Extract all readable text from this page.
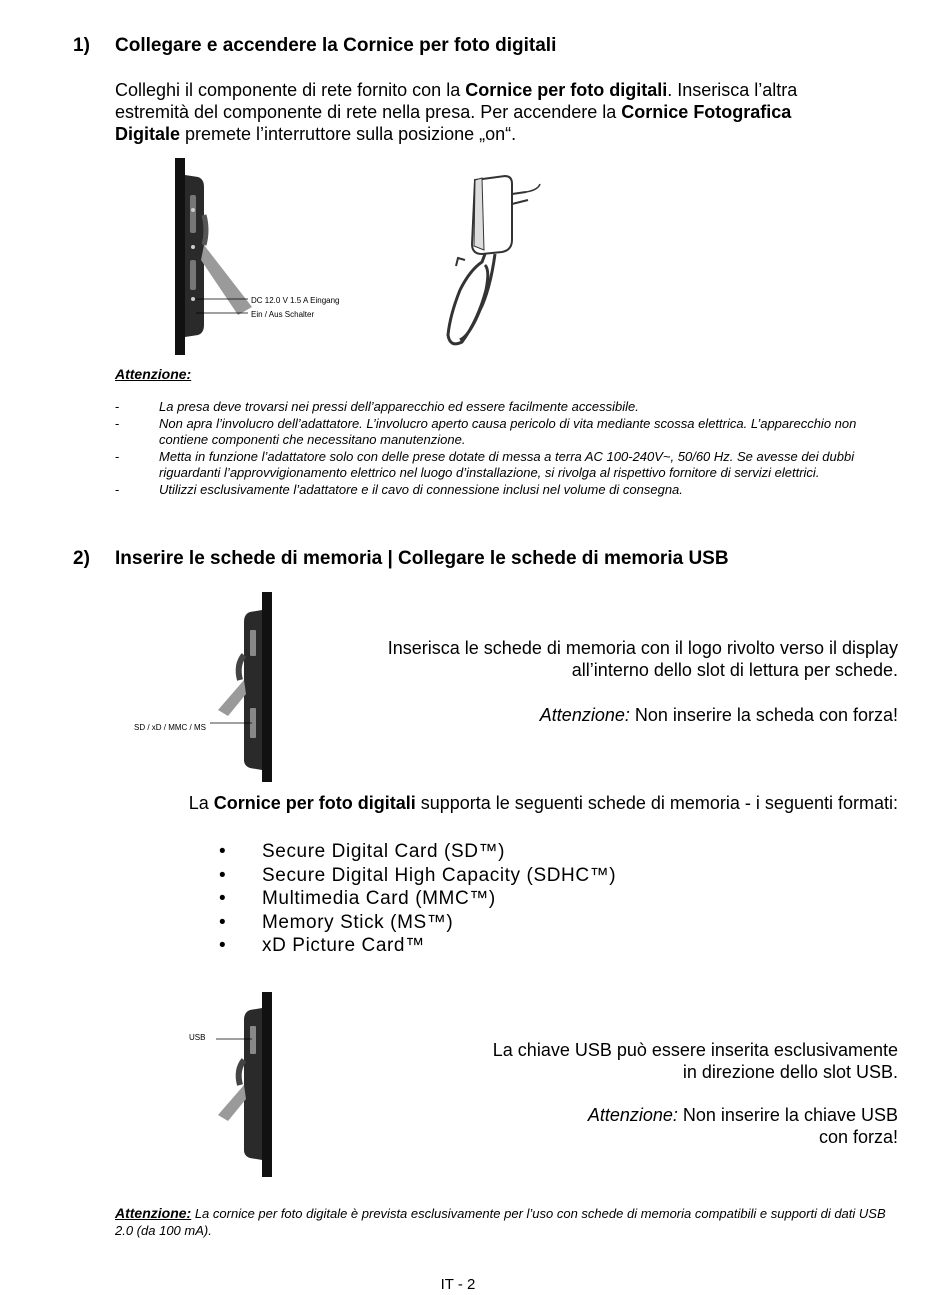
1) Collegare e accendere la Cornice per foto digitali
Colleghi il componente di rete fornito con la Cornice per foto digitali. Inserisca l’altra estremità del componente di rete nella presa. Per accendere la Cornice Fotografica Digitale premete l’interruttore sulla posizione „on“.
DC 12.0 V 1.5 A Eingang
Ein / Aus Schalter
Attenzione:
-	La presa deve trovarsi nei pressi dell’apparecchio ed essere facilmente accessibile.
-	Non apra l’involucro dell’adattatore. L’involucro aperto causa pericolo di vita mediante scossa elettrica. L’apparecchio non contiene componenti che necessitano manutenzione.
-	Metta in funzione l’adattatore solo con delle prese dotate di messa a terra AC 100-240V~, 50/60 Hz. Se avesse dei dubbi riguardanti l’approvvigionamento elettrico nel luogo d’installazione, si rivolga al rispettivo fornitore di servizi elettrici.
-	Utilizzi esclusivamente l’adattatore e il cavo di connessione inclusi nel volume di consegna.
2) Inserire le schede di memoria | Collegare le schede di memoria USB
SD / xD / MMC / MS
Inserisca le schede di memoria con il logo rivolto verso il display
all’interno dello slot di lettura per schede.
Attenzione: Non inserire la scheda con forza!
La Cornice per foto digitali supporta le seguenti schede di memoria - i seguenti formati:
•	Secure Digital Card (SD™)
•	Secure Digital High Capacity (SDHC™)
•	Multimedia Card (MMC™)
•	Memory Stick (MS™)
•	xD Picture Card™
USB
La chiave USB può essere inserita esclusivamente
in direzione dello slot USB.
Attenzione: Non inserire la chiave USB
con forza!
Attenzione: La cornice per foto digitale è prevista esclusivamente per l’uso con schede di memoria compatibili e supporti di dati USB 2.0 (da 100 mA).
IT - 2
